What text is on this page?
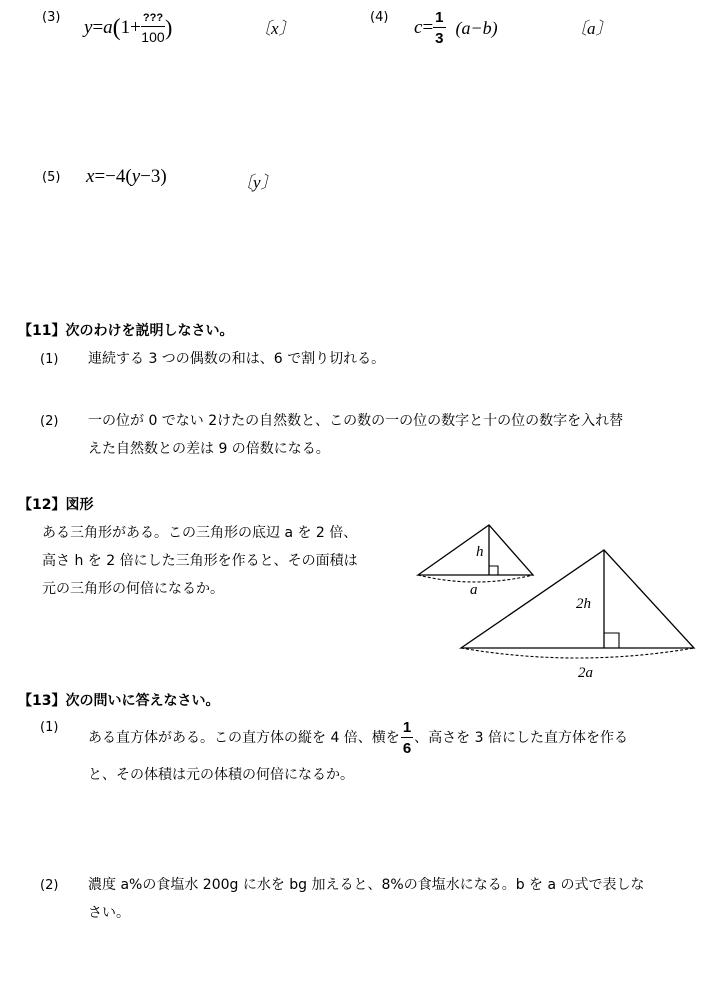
(3) y = a ( $1+ \frac{???}{100}$ )	〔x〕
(4) $c = \frac{1}{3} (a-b)$	〔a〕
(5) x=−4(y−3)	〔y〕
【11】次のわけを説明しなさい。
(1) 連続する 3 つの偶数の和は、6 で割り切れる。
(2) 一の位が 0 でない 2けたの自然数と、この数の一の位の数字と十の位の数字を入れ替
えた自然数との差は 9 の倍数になる。
【12】図形
ある三角形がある。この三角形の底辺 a を 2 倍、
高さ h を 2 倍にした三角形を作ると、その面積は
元の三角形の何倍になるか。
h
a
2h
2a
【13】次の問いに答えなさい。
(1)
ある直方体がある。この直方体の縦を 4 倍、横を $\frac{1}{6}$ 、高さを 3 倍にした直方体を作る
と、その体積は元の体積の何倍になるか。
(2) 濃度 a%の食塩水 200g に水を bg 加えると、8%の食塩水になる。b を a の式で表しな
さい。
